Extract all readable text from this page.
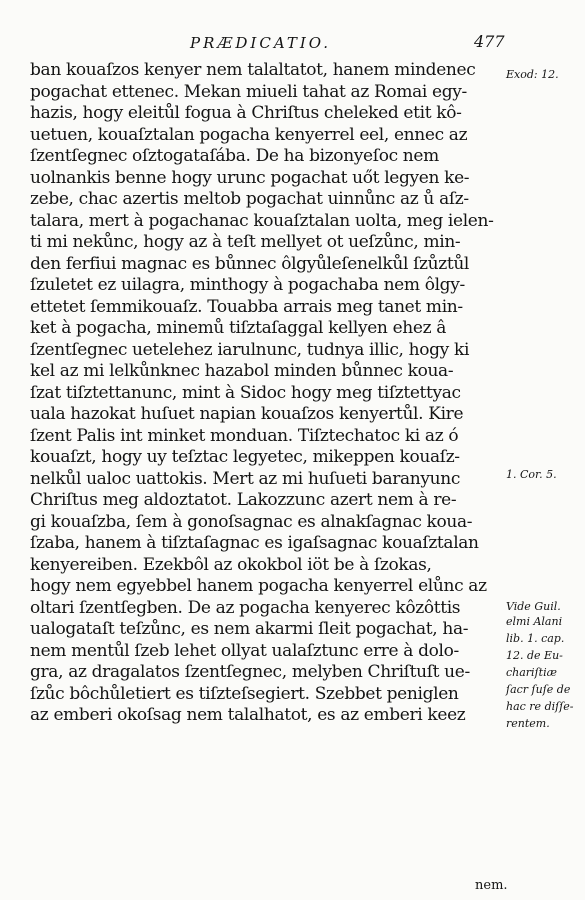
PRÆDICATIO.	477
ban kouaſzos kenyer nem talaltatot, hanem mindenec
pogachat ettenec. Mekan miueli tahat az Romai egy-
hazis, hogy eleitůl fogua à Chriſtus cheleked etit kô-
uetuen, kouaſztalan pogacha kenyerrel eel, ennec az
ſzentſegnec oſztogataſába. De ha bizonyeſoc nem
uolnankis benne hogy urunc pogachat uőt legyen ke-
zebe, chac azertis meltob pogachat uinnůnc az ů aſz-
talara, mert à pogachanac kouaſztalan uolta, meg ielen-
ti mi nekůnc, hogy az à teſt mellyet ot ueſzůnc, min-
den ferfiui magnac es bůnnec ôlgyůleſenelkůl ſzůztůl
ſzuletet ez uilagra, minthogy à pogachaba nem ôlgy-
ettetet ſemmikouaſz. Touabba arrais meg tanet min-
ket à pogacha, minemů tiſztaſaggal kellyen ehez â
ſzentſegnec uetelehez iarulnunc, tudnya illic, hogy ki
kel az mi lelkůnknec hazabol minden bůnnec koua-
ſzat tiſztettanunc, mint à Sidoc hogy meg tiſztettyac
uala hazokat huſuet napian kouaſzos kenyertůl. Kire
ſzent Palis int minket monduan. Tiſztechatoc ki az ó
kouaſzt, hogy uy teſztac legyetec, mikeppen kouaſz-
nelkůl ualoc uattokis. Mert az mi huſueti baranyunc
Chriſtus meg aldoztatot. Lakozzunc azert nem à re-
gi kouaſzba, ſem à gonoſsagnac es alnakſagnac koua-
ſzaba, hanem à tiſztaſagnac es igaſsagnac kouaſztalan
kenyereiben. Ezekbôl az okokbol iöt be à ſzokas,
hogy nem egyebbel hanem pogacha kenyerrel elůnc az
oltari ſzentſegben. De az pogacha kenyerec kôzôttis
ualogataſt teſzůnc, es nem akarmi ſleit pogachat, ha-
nem mentůl ſzeb lehet ollyat ualaſztunc erre à dolo-
gra, az dragalatos ſzentſegnec, melyben Chriſtuſt ue-
ſzůc bôchůletiert es tiſzteſsegiert. Szebbet peniglen
az emberi okoſsag nem talalhatot, es az emberi keez
Exod: 12.
1. Cor. 5.
Vide Guil.
elmi Alani
lib. 1. cap.
12. de Eu-
chariſtiæ
ſacr ſuſe de
hac re diſſe-
rentem.
nem.
